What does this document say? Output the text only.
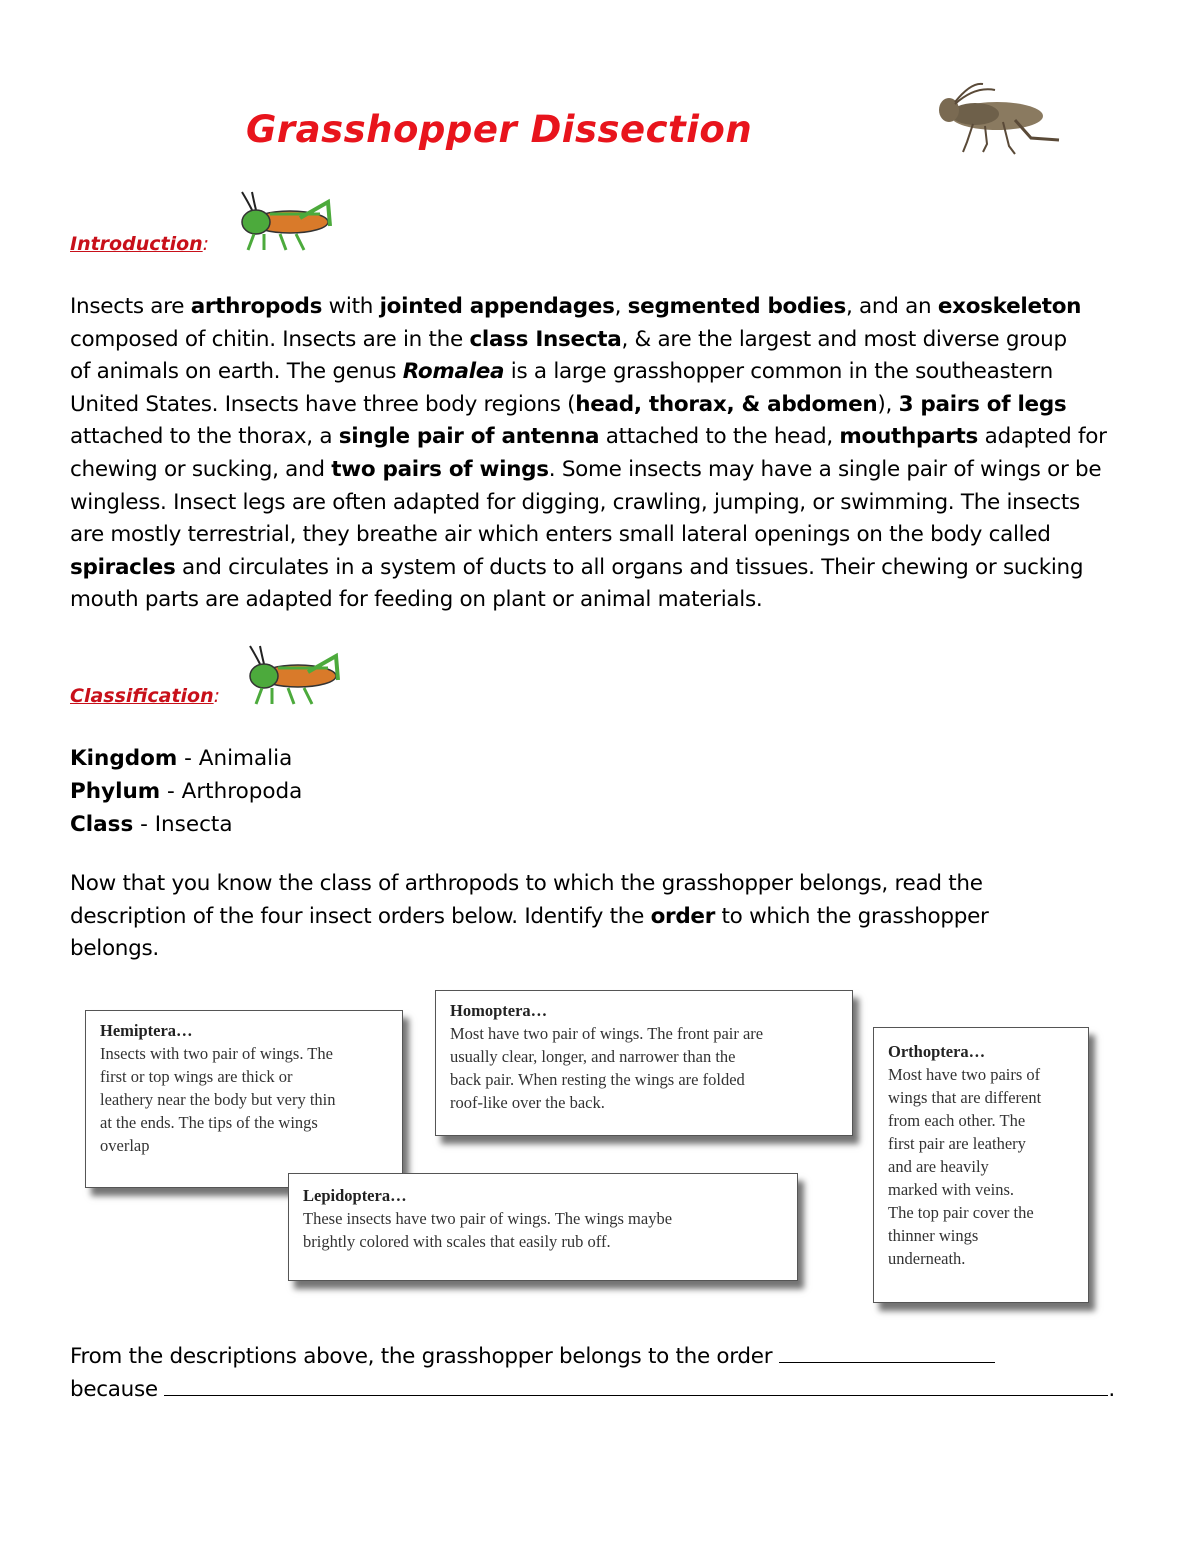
Grasshopper Dissection
Introduction:
Insects are arthropods with jointed appendages, segmented bodies, and an exoskeleton
composed of chitin. Insects are in the class Insecta, & are the largest and most diverse group
of animals on earth. The genus Romalea is a large grasshopper common in the southeastern
United States. Insects have three body regions (head, thorax, & abdomen), 3 pairs of legs
attached to the thorax, a single pair of antenna attached to the head, mouthparts adapted for
chewing or sucking, and two pairs of wings. Some insects may have a single pair of wings or be
wingless. Insect legs are often adapted for digging, crawling, jumping, or swimming. The insects
are mostly terrestrial, they breathe air which enters small lateral openings on the body called
spiracles and circulates in a system of ducts to all organs and tissues. Their chewing or sucking
mouth parts are adapted for feeding on plant or animal materials.
Classification:
Kingdom - Animalia
Phylum - Arthropoda
Class - Insecta
Now that you know the class of arthropods to which the grasshopper belongs, read the
description of the four insect orders below. Identify the order to which the grasshopper
belongs.
Hemiptera…
Insects with two pair of wings. The
first or top wings are thick or
leathery near the body but very thin
at the ends. The tips of the wings
overlap
Homoptera…
Most have two pair of wings. The front pair are
usually clear, longer, and narrower than the
back pair. When resting the wings are folded
roof-like over the back.
Lepidoptera…
These insects have two pair of wings. The wings maybe
brightly colored with scales that easily rub off.
Orthoptera…
Most have two pairs of
wings that are different
from each other. The
first pair are leathery
and are heavily
marked with veins.
The top pair cover the
thinner wings
underneath.
From the descriptions above, the grasshopper belongs to the order
because	.
